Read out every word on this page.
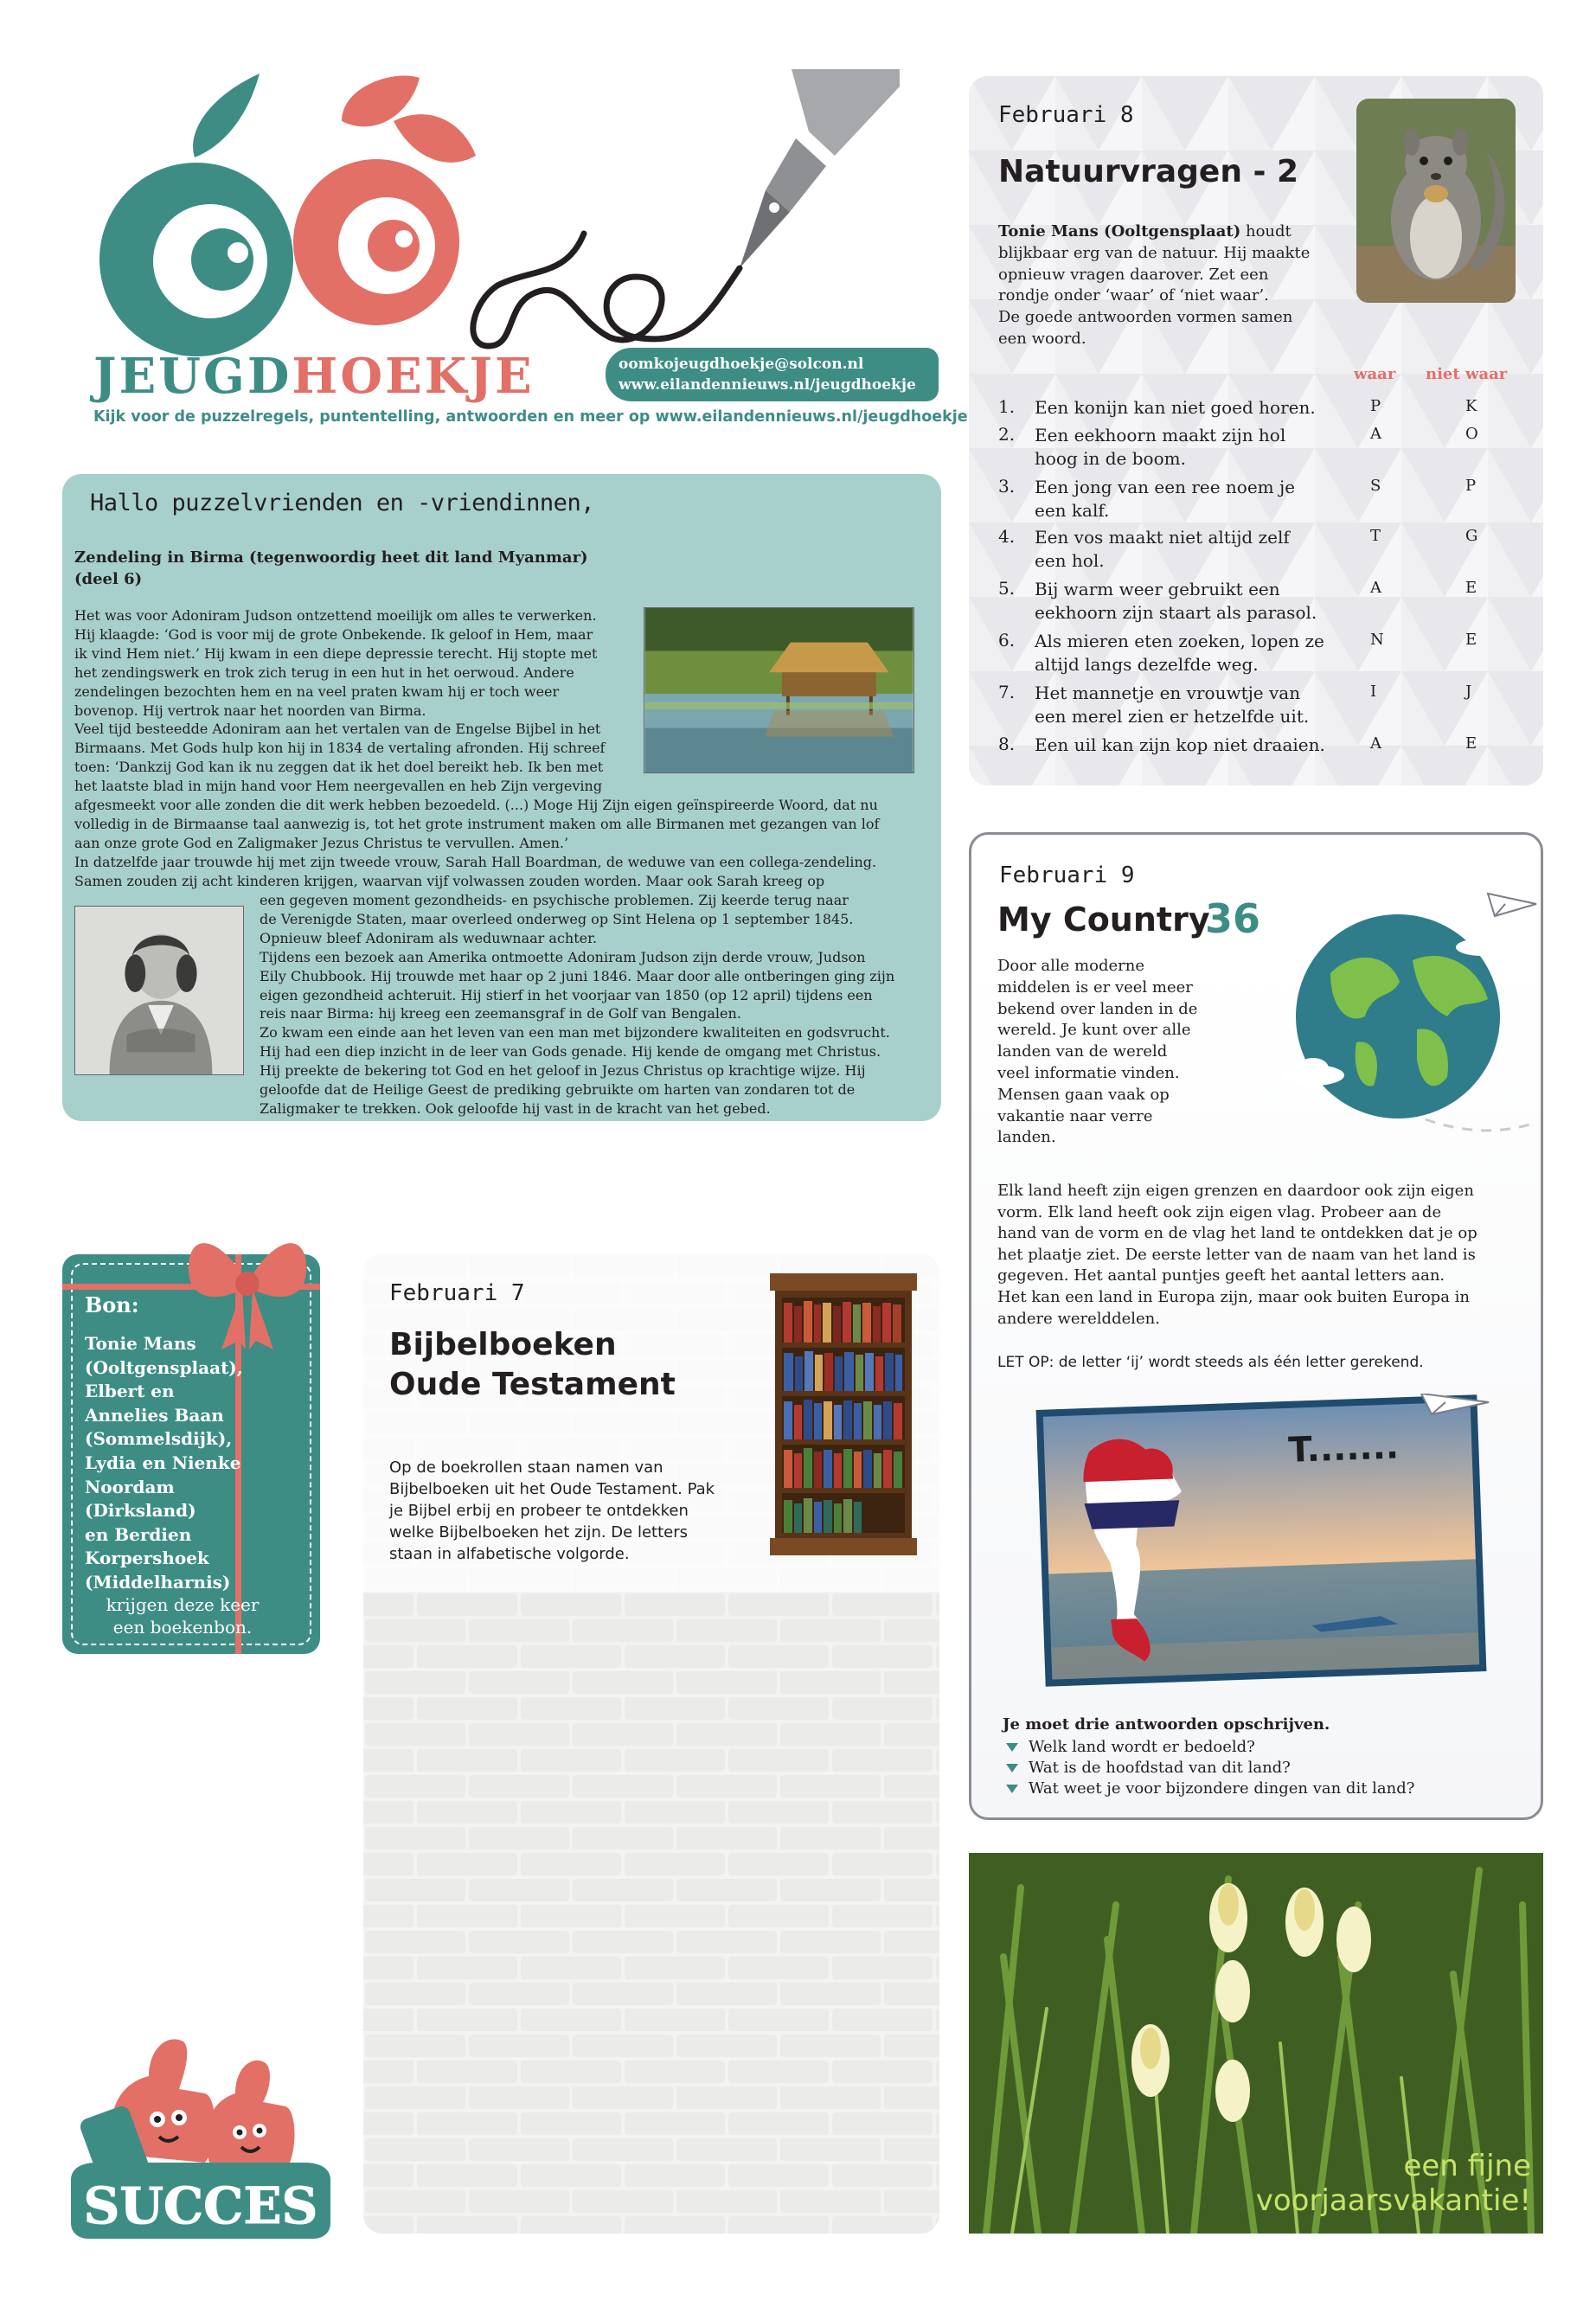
JEUGDHOEKJE	oomkojeugdhoekje@solcon.nl
www.eilandennieuws.nl/jeugdhoekje
Kijk voor de puzzelregels, puntentelling, antwoorden en meer op www.eilandennieuws.nl/jeugdhoekje
Hallo puzzelvrienden en -vriendinnen,
Zendeling in Birma (tegenwoordig heet dit land Myanmar)
(deel 6)
Het was voor Adoniram Judson ontzettend moeilijk om alles te verwerken.
Hij klaagde: ‘God is voor mij de grote Onbekende. Ik geloof in Hem, maar
ik vind Hem niet.’ Hij kwam in een diepe depressie terecht. Hij stopte met
het zendingswerk en trok zich terug in een hut in het oerwoud. Andere
zendelingen bezochten hem en na veel praten kwam hij er toch weer
bovenop. Hij vertrok naar het noorden van Birma.
Veel tijd besteedde Adoniram aan het vertalen van de Engelse Bijbel in het
Birmaans. Met Gods hulp kon hij in 1834 de vertaling afronden. Hij schreef
toen: ‘Dankzij God kan ik nu zeggen dat ik het doel bereikt heb. Ik ben met
het laatste blad in mijn hand voor Hem neergevallen en heb Zijn vergeving
afgesmeekt voor alle zonden die dit werk hebben bezoedeld. (...) Moge Hij Zijn eigen geïnspireerde Woord, dat nu
volledig in de Birmaanse taal aanwezig is, tot het grote instrument maken om alle Birmanen met gezangen van lof
aan onze grote God en Zaligmaker Jezus Christus te vervullen. Amen.’
In datzelfde jaar trouwde hij met zijn tweede vrouw, Sarah Hall Boardman, de weduwe van een collega-zendeling.
Samen zouden zij acht kinderen krijgen, waarvan vijf volwassen zouden worden. Maar ook Sarah kreeg op
een gegeven moment gezondheids- en psychische problemen. Zij keerde terug naar
de Verenigde Staten, maar overleed onderweg op Sint Helena op 1 september 1845.
Opnieuw bleef Adoniram als weduwnaar achter.
Tijdens een bezoek aan Amerika ontmoette Adoniram Judson zijn derde vrouw, Judson
Eily Chubbook. Hij trouwde met haar op 2 juni 1846. Maar door alle ontberingen ging zijn
eigen gezondheid achteruit. Hij stierf in het voorjaar van 1850 (op 12 april) tijdens een
reis naar Birma: hij kreeg een zeemansgraf in de Golf van Bengalen.
Zo kwam een einde aan het leven van een man met bijzondere kwaliteiten en godsvrucht.
Hij had een diep inzicht in de leer van Gods genade. Hij kende de omgang met Christus.
Hij preekte de bekering tot God en het geloof in Jezus Christus op krachtige wijze. Hij
geloofde dat de Heilige Geest de prediking gebruikte om harten van zondaren tot de
Zaligmaker te trekken. Ook geloofde hij vast in de kracht van het gebed.
Bon:
Tonie Mans
(Ooltgensplaat),
Elbert en
Annelies Baan
(Sommelsdijk),
Lydia en Nienke
Noordam
(Dirksland)
en Berdien
Korpershoek
(Middelharnis)
krijgen deze keer
een boekenbon.
SUCCES
Februari 7
Bijbelboeken
Oude Testament
Op de boekrollen staan namen van
Bijbelboeken uit het Oude Testament. Pak
je Bijbel erbij en probeer te ontdekken
welke Bijbelboeken het zijn. De letters
staan in alfabetische volgorde.
Februari 8
Natuurvragen - 2
Tonie Mans (Ooltgensplaat) houdt
blijkbaar erg van de natuur. Hij maakte
opnieuw vragen daarover. Zet een
rondje onder ‘waar’ of ‘niet waar’.
De goede antwoorden vormen samen
een woord.
waar niet waar
1. Een konijn kan niet goed horen.	P	K
2. Een eekhoorn maakt zijn hol
hoog in de boom.
A	O
3. Een jong van een ree noem je
een kalf.
S	P
4. Een vos maakt niet altijd zelf
een hol.
T	G
5. Bij warm weer gebruikt een
eekhoorn zijn staart als parasol.
A	E
6. Als mieren eten zoeken, lopen ze
altijd langs dezelfde weg.
N	E
7. Het mannetje en vrouwtje van
een merel zien er hetzelfde uit.
I	J
8. Een uil kan zijn kop niet draaien.	A	E
Februari 9
My Country
36
Door alle moderne
middelen is er veel meer
bekend over landen in de
wereld. Je kunt over alle
landen van de wereld
veel informatie vinden.
Mensen gaan vaak op
vakantie naar verre
landen.
Elk land heeft zijn eigen grenzen en daardoor ook zijn eigen
vorm. Elk land heeft ook zijn eigen vlag. Probeer aan de
hand van de vorm en de vlag het land te ontdekken dat je op
het plaatje ziet. De eerste letter van de naam van het land is
gegeven. Het aantal puntjes geeft het aantal letters aan.
Het kan een land in Europa zijn, maar ook buiten Europa in
andere werelddelen.
LET OP: de letter ‘ij’ wordt steeds als één letter gerekend.
T.......
Je moet drie antwoorden opschrijven.
Welk land wordt er bedoeld?
Wat is de hoofdstad van dit land?
Wat weet je voor bijzondere dingen van dit land?
een fijne
voorjaarsvakantie!
